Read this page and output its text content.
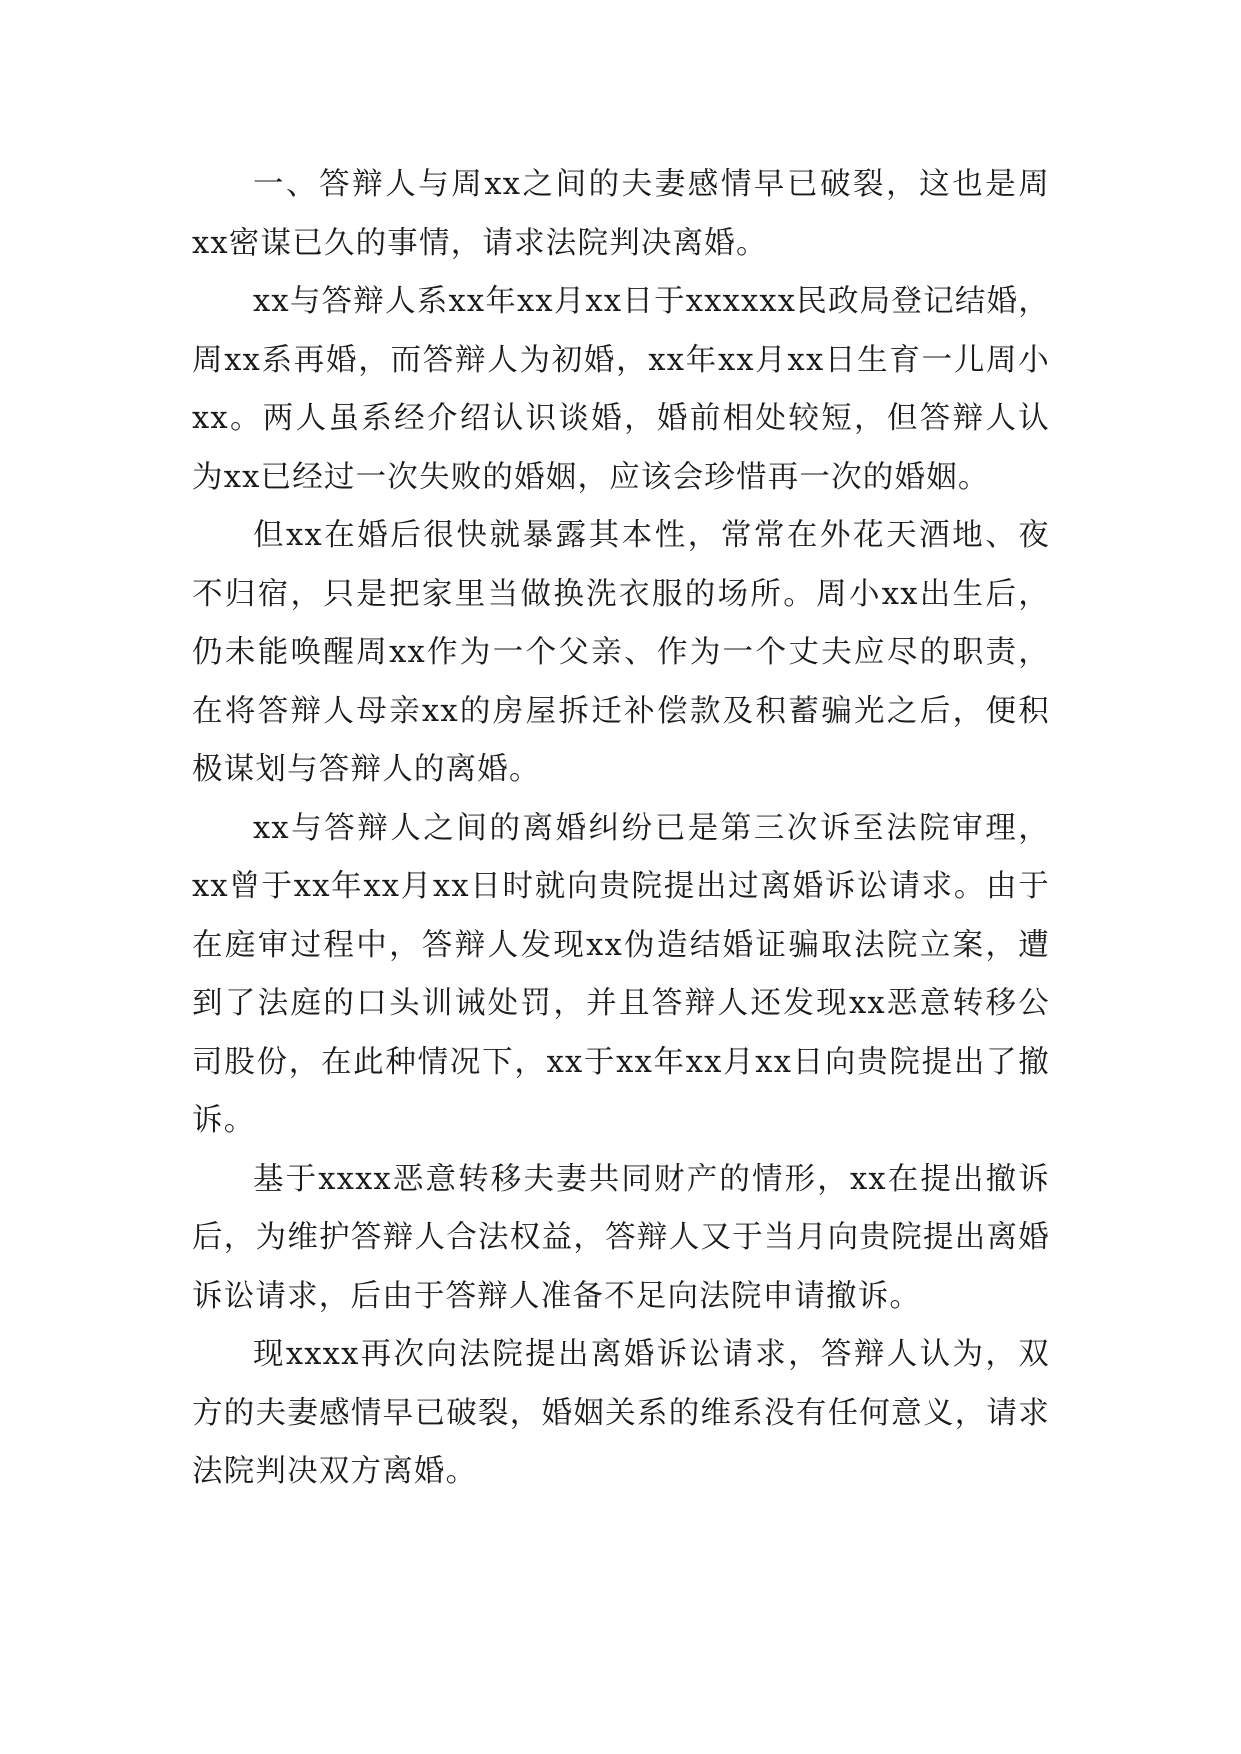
一、答辩人与周xx之间的夫妻感情早已破裂，这也是周xx密谋已久的事情，请求法院判决离婚。

xx与答辩人系xx年xx月xx日于xxxxxx民政局登记结婚，周xx系再婚，而答辩人为初婚，xx年xx月xx日生育一儿周小xx。两人虽系经介绍认识谈婚，婚前相处较短，但答辩人认为xx已经过一次失败的婚姻，应该会珍惜再一次的婚姻。

但xx在婚后很快就暴露其本性，常常在外花天酒地、夜不归宿，只是把家里当做换洗衣服的场所。周小xx出生后，仍未能唤醒周xx作为一个父亲、作为一个丈夫应尽的职责，在将答辩人母亲xx的房屋拆迁补偿款及积蓄骗光之后，便积极谋划与答辩人的离婚。

xx与答辩人之间的离婚纠纷已是第三次诉至法院审理，xx曾于xx年xx月xx日时就向贵院提出过离婚诉讼请求。由于在庭审过程中，答辩人发现xx伪造结婚证骗取法院立案，遭到了法庭的口头训诫处罚，并且答辩人还发现xx恶意转移公司股份，在此种情况下，xx于xx年xx月xx日向贵院提出了撤诉。

基于xxxx恶意转移夫妻共同财产的情形，xx在提出撤诉后，为维护答辩人合法权益，答辩人又于当月向贵院提出离婚诉讼请求，后由于答辩人准备不足向法院申请撤诉。

现xxxx再次向法院提出离婚诉讼请求，答辩人认为，双方的夫妻感情早已破裂，婚姻关系的维系没有任何意义，请求法院判决双方离婚。
